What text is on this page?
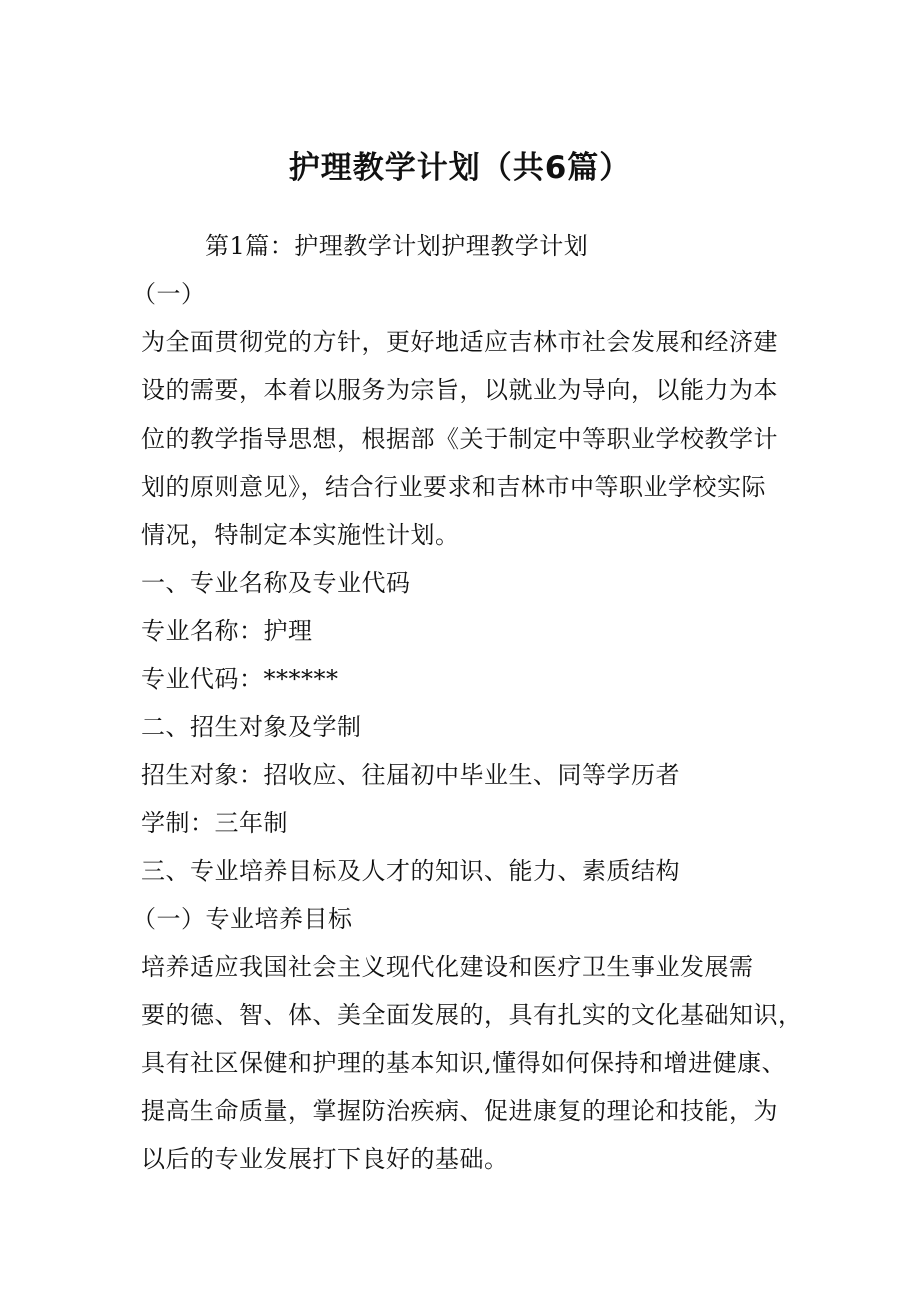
护理教学计划（共6篇）
第1篇：护理教学计划护理教学计划
（一）
为全面贯彻党的方针，更好地适应吉林市社会发展和经济建
设的需要，本着以服务为宗旨，以就业为导向，以能力为本
位的教学指导思想，根据部《关于制定中等职业学校教学计
划的原则意见》，结合行业要求和吉林市中等职业学校实际
情况，特制定本实施性计划。
一、专业名称及专业代码
专业名称：护理
专业代码：******
二、招生对象及学制
招生对象：招收应、往届初中毕业生、同等学历者
学制：三年制
三、专业培养目标及人才的知识、能力、素质结构
（一）专业培养目标
培养适应我国社会主义现代化建设和医疗卫生事业发展需
要的德、智、体、美全面发展的，具有扎实的文化基础知识，
具有社区保健和护理的基本知识,懂得如何保持和增进健康、
提高生命质量，掌握防治疾病、促进康复的理论和技能，为
以后的专业发展打下良好的基础。
